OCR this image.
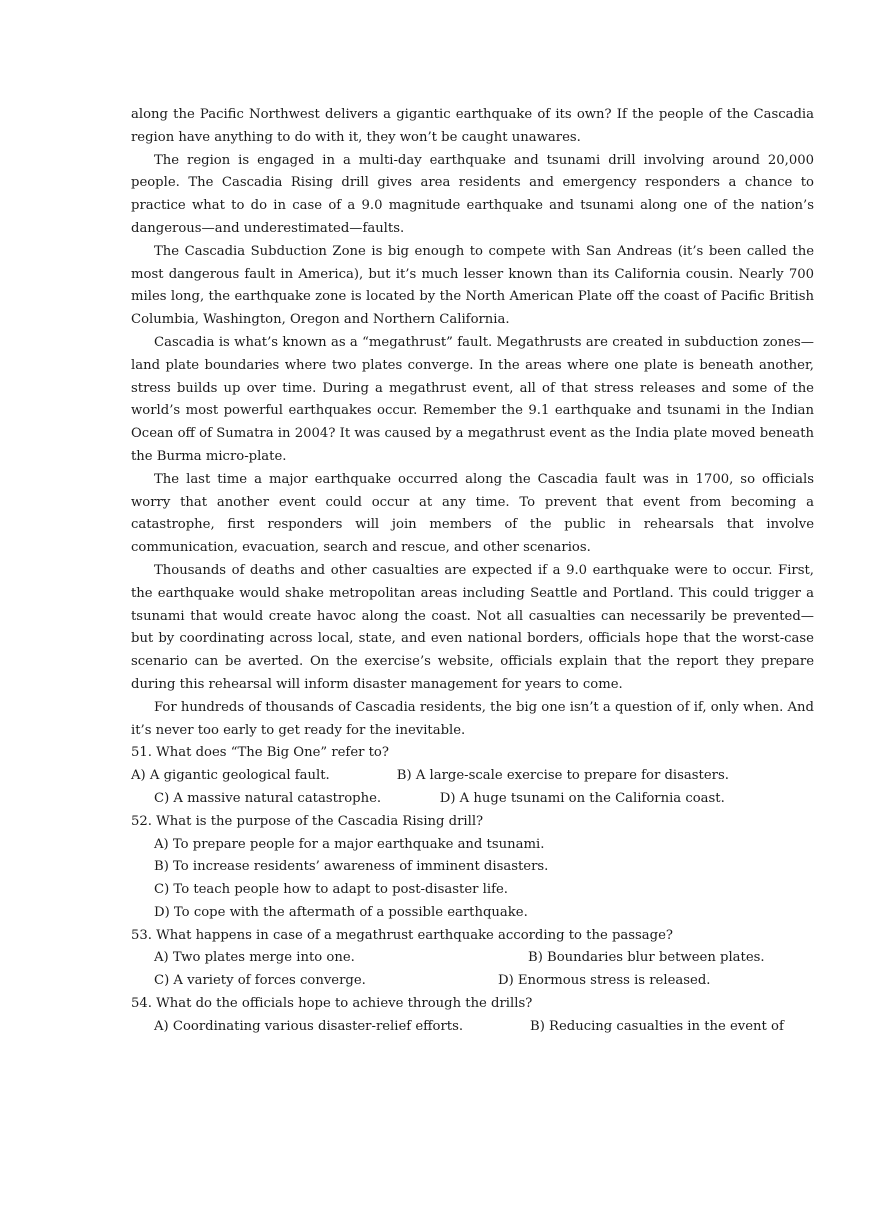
along the Pacific Northwest delivers a gigantic earthquake of its own? If the people of the Cascadia region have anything to do with it, they won’t be caught unawares.

The region is engaged in a multi-day earthquake and tsunami drill involving around 20,000 people. The Cascadia Rising drill gives area residents and emergency responders a chance to practice what to do in case of a 9.0 magnitude earthquake and tsunami along one of the nation’s dangerous—and underestimated—faults.

The Cascadia Subduction Zone is big enough to compete with San Andreas (it’s been called the most dangerous fault in America), but it’s much lesser known than its California cousin. Nearly 700 miles long, the earthquake zone is located by the North American Plate off the coast of Pacific British Columbia, Washington, Oregon and Northern California.

Cascadia is what’s known as a “megathrust” fault. Megathrusts are created in subduction zones—land plate boundaries where two plates converge. In the areas where one plate is beneath another, stress builds up over time. During a megathrust event, all of that stress releases and some of the world’s most powerful earthquakes occur. Remember the 9.1 earthquake and tsunami in the Indian Ocean off of Sumatra in 2004? It was caused by a megathrust event as the India plate moved beneath the Burma micro-plate.

The last time a major earthquake occurred along the Cascadia fault was in 1700, so officials worry that another event could occur at any time. To prevent that event from becoming a catastrophe, first responders will join members of the public in rehearsals that involve communication, evacuation, search and rescue, and other scenarios.

Thousands of deaths and other casualties are expected if a 9.0 earthquake were to occur. First, the earthquake would shake metropolitan areas including Seattle and Portland. This could trigger a tsunami that would create havoc along the coast. Not all casualties can necessarily be prevented—but by coordinating across local, state, and even national borders, officials hope that the worst-case scenario can be averted. On the exercise’s website, officials explain that the report they prepare during this rehearsal will inform disaster management for years to come.

For hundreds of thousands of Cascadia residents, the big one isn’t a question of if, only when. And it’s never too early to get ready for the inevitable.

51. What does “The Big One” refer to?

A) A gigantic geological fault.                B) A large-scale exercise to prepare for disasters.

C) A massive natural catastrophe.              D) A huge tsunami on the California coast.

52. What is the purpose of the Cascadia Rising drill?

A) To prepare people for a major earthquake and tsunami.

B) To increase residents’ awareness of imminent disasters.

C) To teach people how to adapt to post-disaster life.

D) To cope with the aftermath of a possible earthquake.

53. What happens in case of a megathrust earthquake according to the passage?

A) Two plates merge into one.	B) Boundaries blur between plates.
C) A variety of forces converge.	D) Enormous stress is released.

54. What do the officials hope to achieve through the drills?

A) Coordinating various disaster-relief efforts.	B) Reducing casualties in the event of
